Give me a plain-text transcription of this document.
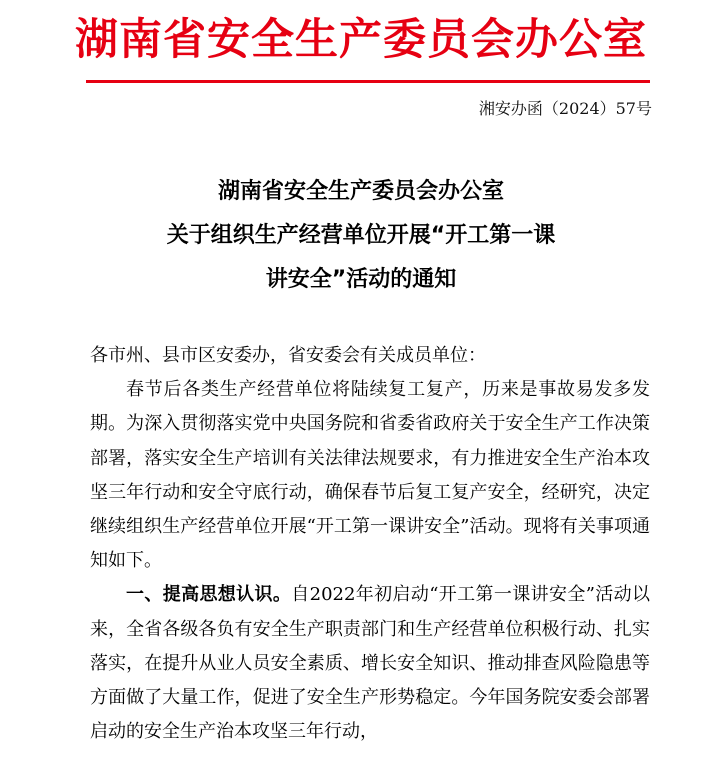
湖南省安全生产委员会办公室
湘安办函（2024）57号
湖南省安全生产委员会办公室
关于组织生产经营单位开展“开工第一课
讲安全”活动的通知

各市州、县市区安委办，省安委会有关成员单位：

春节后各类生产经营单位将陆续复工复产，历来是事故易发多发期。为深入贯彻落实党中央国务院和省委省政府关于安全生产工作决策部署，落实安全生产培训有关法律法规要求，有力推进安全生产治本攻坚三年行动和安全守底行动，确保春节后复工复产安全，经研究，决定继续组织生产经营单位开展“开工第一课讲安全”活动。现将有关事项通知如下。

一、提高思想认识。自2022年初启动“开工第一课讲安全”活动以来，全省各级各负有安全生产职责部门和生产经营单位积极行动、扎实落实，在提升从业人员安全素质、增长安全知识、推动排查风险隐患等方面做了大量工作，促进了安全生产形势稳定。今年国务院安委会部署启动的安全生产治本攻坚三年行动，
